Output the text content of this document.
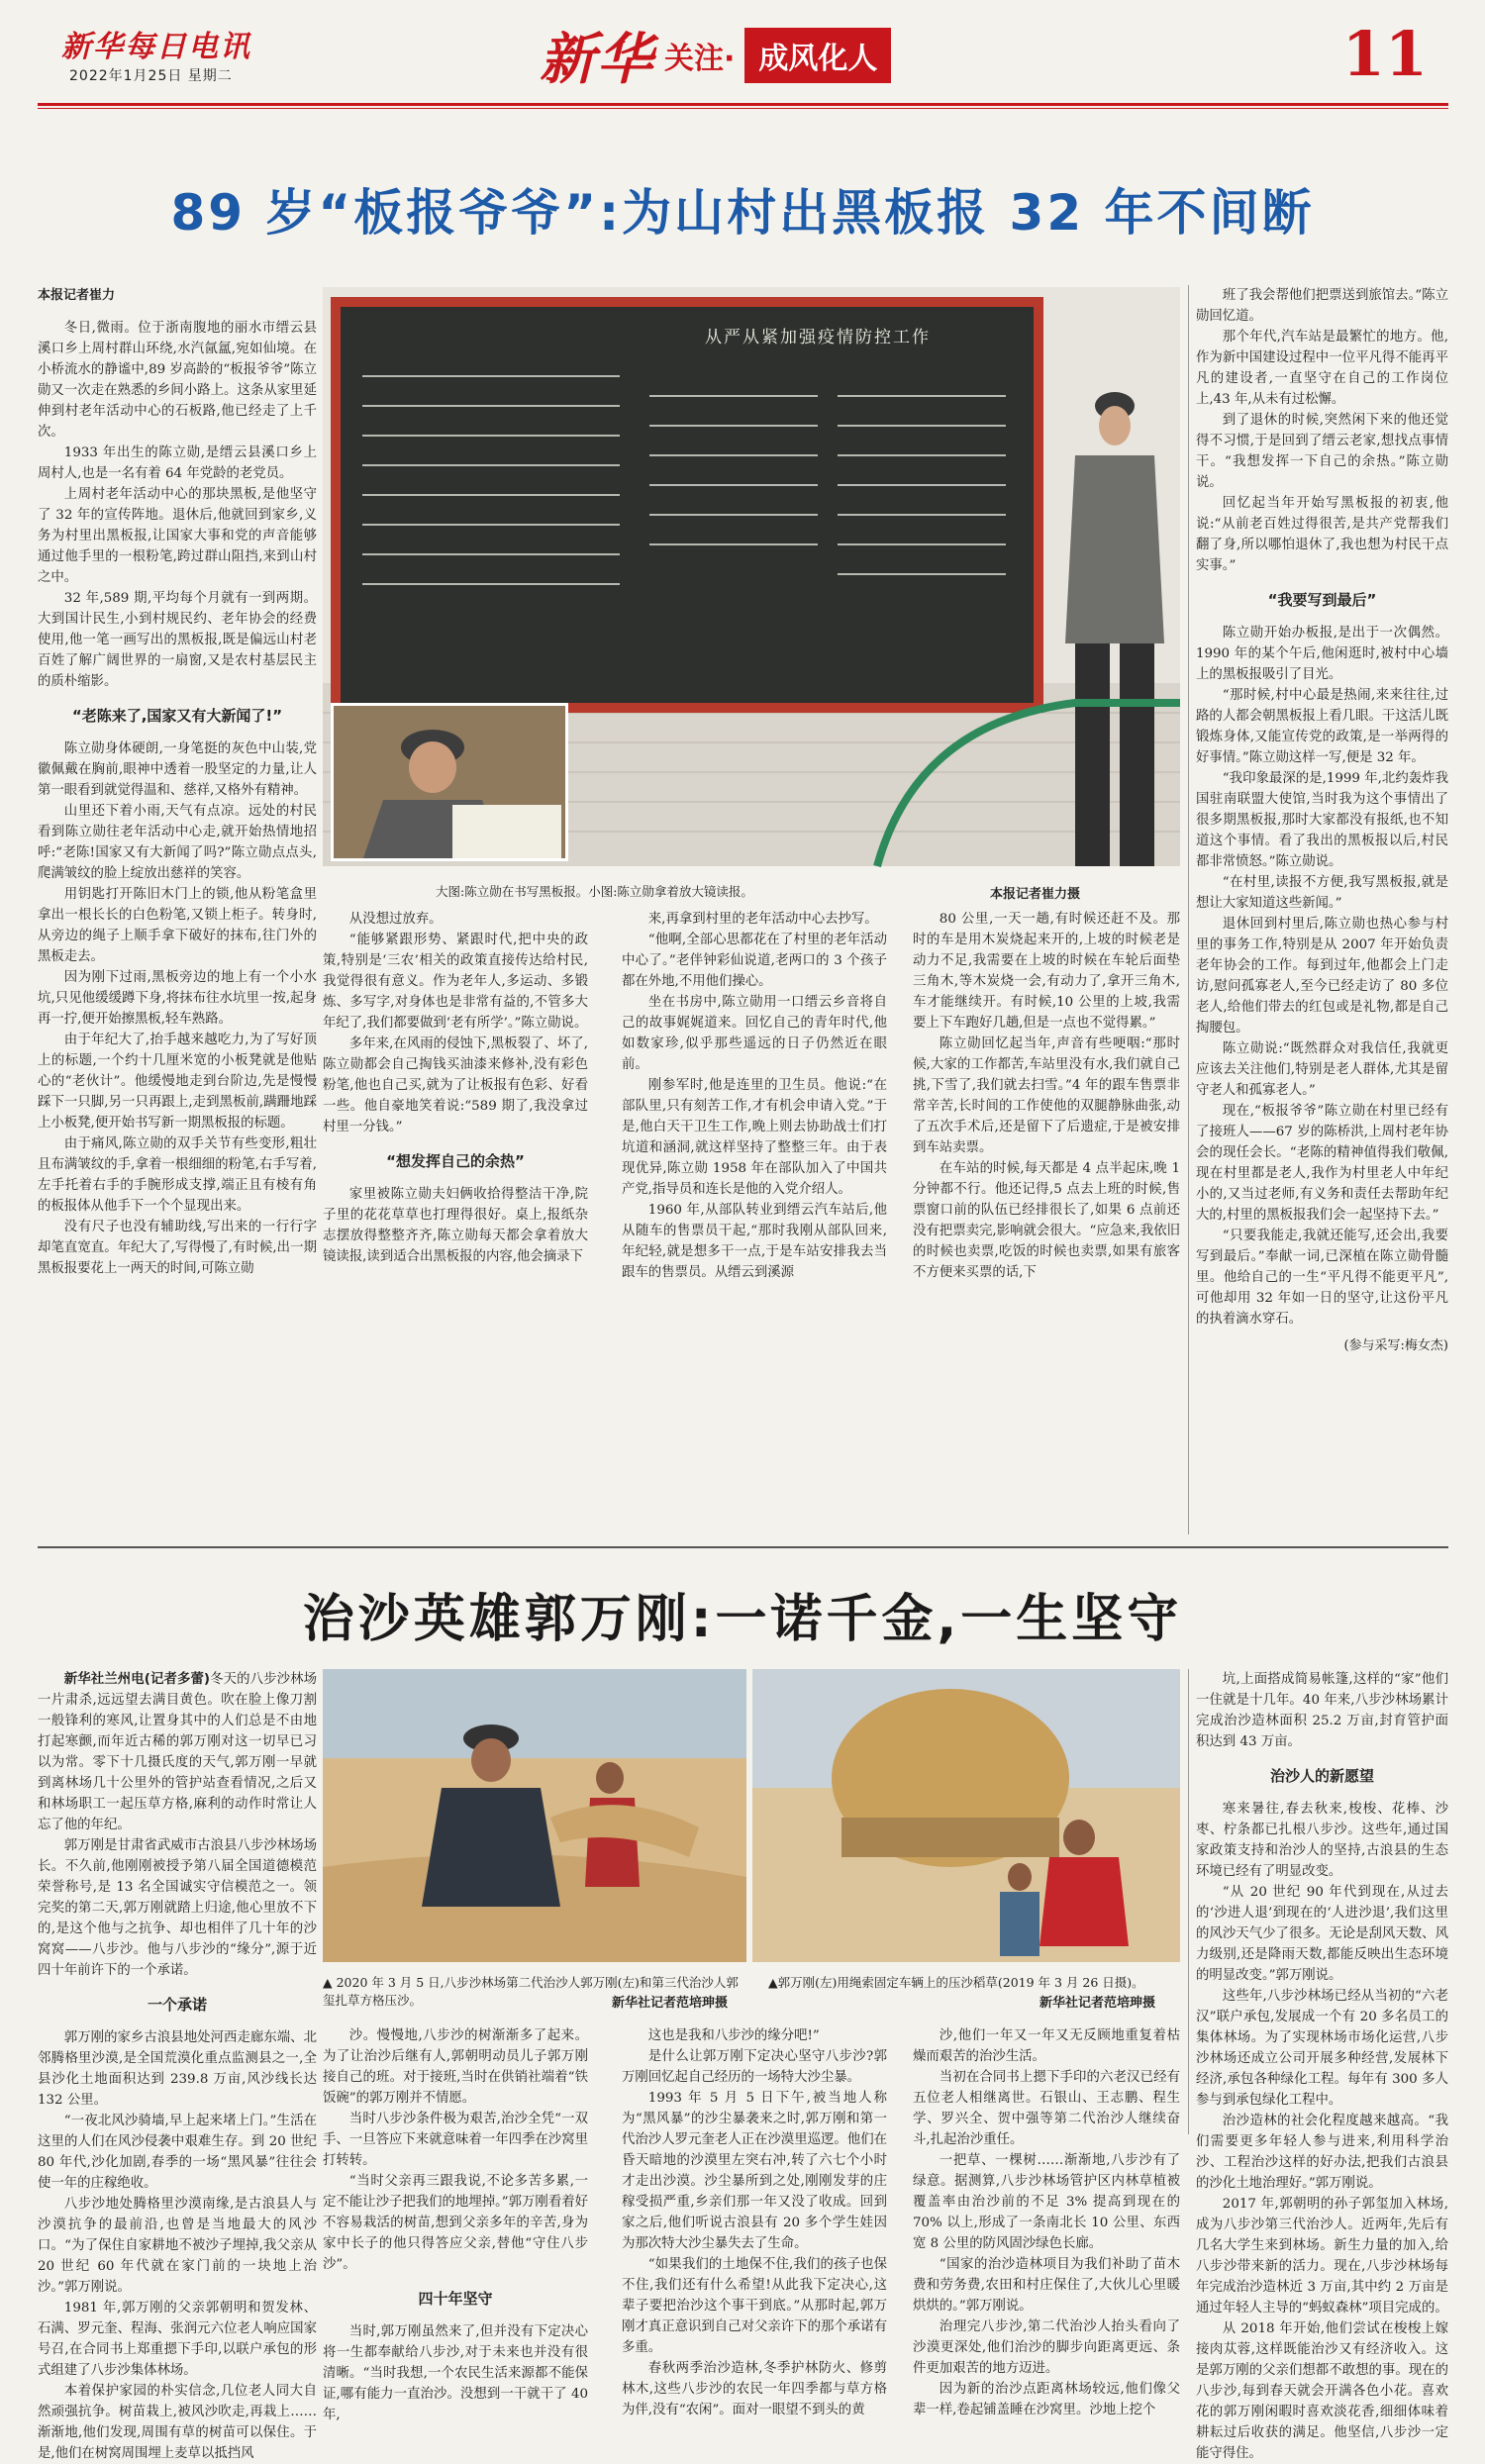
新华每日电讯
2022年1月25日 星期二	新华 关注· 成风化人	11
89 岁“板报爷爷”:为山村出黑板报 32 年不间断

本报记者崔力

冬日,微雨。位于浙南腹地的丽水市缙云县溪口乡上周村群山环绕,水汽氤氲,宛如仙境。在小桥流水的静谧中,89 岁高龄的“板报爷爷”陈立勋又一次走在熟悉的乡间小路上。这条从家里延伸到村老年活动中心的石板路,他已经走了上千次。

1933 年出生的陈立勋,是缙云县溪口乡上周村人,也是一名有着 64 年党龄的老党员。

上周村老年活动中心的那块黑板,是他坚守了 32 年的宣传阵地。退休后,他就回到家乡,义务为村里出黑板报,让国家大事和党的声音能够通过他手里的一根粉笔,跨过群山阻挡,来到山村之中。

32 年,589 期,平均每个月就有一到两期。大到国计民生,小到村规民约、老年协会的经费使用,他一笔一画写出的黑板报,既是偏远山村老百姓了解广阔世界的一扇窗,又是农村基层民主的质朴缩影。

“老陈来了,国家又有大新闻了!”

陈立勋身体硬朗,一身笔挺的灰色中山装,党徽佩戴在胸前,眼神中透着一股坚定的力量,让人第一眼看到就觉得温和、慈祥,又格外有精神。

山里还下着小雨,天气有点凉。远处的村民看到陈立勋往老年活动中心走,就开始热情地招呼:“老陈!国家又有大新闻了吗?”陈立勋点点头,爬满皱纹的脸上绽放出慈祥的笑容。

用钥匙打开陈旧木门上的锁,他从粉笔盒里拿出一根长长的白色粉笔,又锁上柜子。转身时,从旁边的绳子上顺手拿下破好的抹布,往门外的黑板走去。

因为刚下过雨,黑板旁边的地上有一个小水坑,只见他缓缓蹲下身,将抹布往水坑里一按,起身再一拧,便开始擦黑板,轻车熟路。

由于年纪大了,抬手越来越吃力,为了写好顶上的标题,一个约十几厘米宽的小板凳就是他贴心的“老伙计”。他缓慢地走到台阶边,先是慢慢踩下一只脚,另一只再跟上,走到黑板前,蹒跚地踩上小板凳,便开始书写新一期黑板报的标题。

由于痛风,陈立勋的双手关节有些变形,粗壮且布满皱纹的手,拿着一根细细的粉笔,右手写着,左手托着右手的手腕形成支撑,端正且有棱有角的板报体从他手下一个个显现出来。

没有尺子也没有辅助线,写出来的一行行字却笔直宽直。年纪大了,写得慢了,有时候,出一期黑板报要花上一两天的时间,可陈立勋

从严从紧加强疫情防控工作
大图:陈立勋在书写黑板报。小图:陈立勋拿着放大镜读报。	本报记者崔力摄

从没想过放弃。

“能够紧跟形势、紧跟时代,把中央的政策,特别是‘三农’相关的政策直接传达给村民,我觉得很有意义。作为老年人,多运动、多锻炼、多写字,对身体也是非常有益的,不管多大年纪了,我们都要做到‘老有所学’。”陈立勋说。

多年来,在风雨的侵蚀下,黑板裂了、坏了,陈立勋都会自己掏钱买油漆来修补,没有彩色粉笔,他也自己买,就为了让板报有色彩、好看一些。他自豪地笑着说:“589 期了,我没拿过村里一分钱。”

“想发挥自己的余热”

家里被陈立勋夫妇俩收拾得整洁干净,院子里的花花草草也打理得很好。桌上,报纸杂志摆放得整整齐齐,陈立勋每天都会拿着放大镜读报,读到适合出黑板报的内容,他会摘录下

来,再拿到村里的老年活动中心去抄写。

“他啊,全部心思都花在了村里的老年活动中心了。”老伴钟彩仙说道,老两口的 3 个孩子都在外地,不用他们操心。

坐在书房中,陈立勋用一口缙云乡音将自己的故事娓娓道来。回忆自己的青年时代,他如数家珍,似乎那些遥远的日子仍然近在眼前。

刚参军时,他是连里的卫生员。他说:“在部队里,只有刻苦工作,才有机会申请入党。”于是,他白天干卫生工作,晚上则去协助战士们打坑道和涵洞,就这样坚持了整整三年。由于表现优异,陈立勋 1958 年在部队加入了中国共产党,指导员和连长是他的入党介绍人。

1960 年,从部队转业到缙云汽车站后,他从随车的售票员干起,“那时我刚从部队回来,年纪轻,就是想多干一点,于是车站安排我去当跟车的售票员。从缙云到溪源

80 公里,一天一趟,有时候还赶不及。那时的车是用木炭烧起来开的,上坡的时候老是动力不足,我需要在上坡的时候在车轮后面垫三角木,等木炭烧一会,有动力了,拿开三角木,车才能继续开。有时候,10 公里的上坡,我需要上下车跑好几趟,但是一点也不觉得累。”

陈立勋回忆起当年,声音有些哽咽:“那时候,大家的工作都苦,车站里没有水,我们就自己挑,下雪了,我们就去扫雪。”4 年的跟车售票非常辛苦,长时间的工作使他的双腿静脉曲张,动了五次手术后,还是留下了后遗症,于是被安排到车站卖票。

在车站的时候,每天都是 4 点半起床,晚 1 分钟都不行。他还记得,5 点去上班的时候,售票窗口前的队伍已经排很长了,如果 6 点前还没有把票卖完,影响就会很大。“应急来,我依旧的时候也卖票,吃饭的时候也卖票,如果有旅客不方便来买票的话,下

班了我会帮他们把票送到旅馆去。”陈立勋回忆道。

那个年代,汽车站是最繁忙的地方。他,作为新中国建设过程中一位平凡得不能再平凡的建设者,一直坚守在自己的工作岗位上,43 年,从未有过松懈。

到了退休的时候,突然闲下来的他还觉得不习惯,于是回到了缙云老家,想找点事情干。“我想发挥一下自己的余热。”陈立勋说。

回忆起当年开始写黑板报的初衷,他说:“从前老百姓过得很苦,是共产党帮我们翻了身,所以哪怕退休了,我也想为村民干点实事。”

“我要写到最后”

陈立勋开始办板报,是出于一次偶然。1990 年的某个午后,他闲逛时,被村中心墙上的黑板报吸引了目光。

“那时候,村中心最是热闹,来来往往,过路的人都会朝黑板报上看几眼。干这活儿既锻炼身体,又能宣传党的政策,是一举两得的好事情。”陈立勋这样一写,便是 32 年。

“我印象最深的是,1999 年,北约轰炸我国驻南联盟大使馆,当时我为这个事情出了很多期黑板报,那时大家都没有报纸,也不知道这个事情。看了我出的黑板报以后,村民都非常愤怒。”陈立勋说。

“在村里,读报不方便,我写黑板报,就是想让大家知道这些新闻。”

退休回到村里后,陈立勋也热心参与村里的事务工作,特别是从 2007 年开始负责老年协会的工作。每到过年,他都会上门走访,慰问孤寡老人,至今已经走访了 80 多位老人,给他们带去的红包或是礼物,都是自己掏腰包。

陈立勋说:“既然群众对我信任,我就更应该去关注他们,特别是老人群体,尤其是留守老人和孤寡老人。”

现在,“板报爷爷”陈立勋在村里已经有了接班人——67 岁的陈桥洪,上周村老年协会的现任会长。“老陈的精神值得我们敬佩,现在村里都是老人,我作为村里老人中年纪小的,又当过老师,有义务和责任去帮助年纪大的,村里的黑板报我们会一起坚持下去。”

“只要我能走,我就还能写,还会出,我要写到最后。”奉献一词,已深植在陈立勋骨髓里。他给自己的一生“平凡得不能更平凡”,可他却用 32 年如一日的坚守,让这份平凡的执着滴水穿石。

(参与采写:梅女杰)

治沙英雄郭万刚:一诺千金,一生坚守

新华社兰州电(记者多蕾)冬天的八步沙林场一片肃杀,远远望去满目黄色。吹在脸上像刀割一般锋利的寒风,让置身其中的人们总是不由地打起寒颤,而年近古稀的郭万刚对这一切早已习以为常。零下十几摄氏度的天气,郭万刚一早就到离林场几十公里外的管护站查看情况,之后又和林场职工一起压草方格,麻利的动作时常让人忘了他的年纪。

郭万刚是甘肃省武威市古浪县八步沙林场场长。不久前,他刚刚被授予第八届全国道德模范荣誉称号,是 13 名全国诚实守信模范之一。领完奖的第二天,郭万刚就踏上归途,他心里放不下的,是这个他与之抗争、却也相伴了几十年的沙窝窝——八步沙。他与八步沙的“缘分”,源于近四十年前许下的一个承诺。

一个承诺

郭万刚的家乡古浪县地处河西走廊东端、北邻腾格里沙漠,是全国荒漠化重点监测县之一,全县沙化土地面积达到 239.8 万亩,风沙线长达 132 公里。

“一夜北风沙骑墙,早上起来堵上门。”生活在这里的人们在风沙侵袭中艰难生存。到 20 世纪 80 年代,沙化加剧,春季的一场“黑风暴”往往会使一年的庄稼绝收。

八步沙地处腾格里沙漠南缘,是古浪县人与沙漠抗争的最前沿,也曾是当地最大的风沙口。“为了保住自家耕地不被沙子埋掉,我父亲从 20 世纪 60 年代就在家门前的一块地上治沙。”郭万刚说。

1981 年,郭万刚的父亲郭朝明和贺发林、石满、罗元奎、程海、张润元六位老人响应国家号召,在合同书上郑重摁下手印,以联户承包的形式组建了八步沙集体林场。

本着保护家园的朴实信念,几位老人同大自然顽强抗争。树苗栽上,被风沙吹走,再栽上……渐渐地,他们发现,周围有草的树苗可以保住。于是,他们在树窝周围埋上麦草以抵挡风

▲ 2020 年 3 月 5 日,八步沙林场第二代治沙人郭万刚(左)和第三代治沙人郭玺扎草方格压沙。	新华社记者范培珅摄
▲郭万刚(左)用绳索固定车辆上的压沙稻草(2019 年 3 月 26 日摄)。
新华社记者范培珅摄

沙。慢慢地,八步沙的树渐渐多了起来。为了让治沙后继有人,郭朝明动员儿子郭万刚接自己的班。对于接班,当时在供销社端着“铁饭碗”的郭万刚并不情愿。

当时八步沙条件极为艰苦,治沙全凭“一双手、一旦答应下来就意味着一年四季在沙窝里打转转。

“当时父亲再三跟我说,不论多苦多累,一定不能让沙子把我们的地埋掉。”郭万刚看着好不容易栽活的树苗,想到父亲多年的辛苦,身为家中长子的他只得答应父亲,替他“守住八步沙”。

四十年坚守

当时,郭万刚虽然来了,但并没有下定决心将一生都奉献给八步沙,对于未来也并没有很清晰。“当时我想,一个农民生活来源都不能保证,哪有能力一直治沙。没想到一干就干了 40 年,

这也是我和八步沙的缘分吧!”

是什么让郭万刚下定决心坚守八步沙?郭万刚回忆起自己经历的一场特大沙尘暴。

1993 年 5 月 5 日下午,被当地人称为“黑风暴”的沙尘暴袭来之时,郭万刚和第一代治沙人罗元奎老人正在沙漠里巡逻。他们在昏天暗地的沙漠里左突右冲,转了六七个小时才走出沙漠。沙尘暴所到之处,刚刚发芽的庄稼受损严重,乡亲们那一年又没了收成。回到家之后,他们听说古浪县有 20 多个学生娃因为那次特大沙尘暴失去了生命。

“如果我们的土地保不住,我们的孩子也保不住,我们还有什么希望!从此我下定决心,这辈子要把治沙这个事干到底。”从那时起,郭万刚才真正意识到自己对父亲许下的那个承诺有多重。

春秋两季治沙造林,冬季护林防火、修剪林木,这些八步沙的农民一年四季都与草方格为伴,没有“农闲”。面对一眼望不到头的黄

沙,他们一年又一年又无反顾地重复着枯燥而艰苦的治沙生活。

当初在合同书上摁下手印的六老汉已经有五位老人相继离世。石银山、王志鹏、程生学、罗兴全、贺中强等第二代治沙人继续奋斗,扎起治沙重任。

一把草、一棵树……渐渐地,八步沙有了绿意。据测算,八步沙林场管护区内林草植被覆盖率由治沙前的不足 3% 提高到现在的 70% 以上,形成了一条南北长 10 公里、东西宽 8 公里的防风固沙绿色长廊。

“国家的治沙造林项目为我们补助了苗木费和劳务费,农田和村庄保住了,大伙儿心里暖烘烘的。”郭万刚说。

治理完八步沙,第二代治沙人抬头看向了沙漠更深处,他们治沙的脚步向距离更远、条件更加艰苦的地方迈进。

因为新的治沙点距离林场较远,他们像父辈一样,卷起铺盖睡在沙窝里。沙地上挖个

坑,上面搭成简易帐篷,这样的“家”他们一住就是十几年。40 年来,八步沙林场累计完成治沙造林面积 25.2 万亩,封育管护面积达到 43 万亩。

治沙人的新愿望

寒来暑往,春去秋来,梭梭、花棒、沙枣、柠条都已扎根八步沙。这些年,通过国家政策支持和治沙人的坚持,古浪县的生态环境已经有了明显改变。

“从 20 世纪 90 年代到现在,从过去的‘沙进人退’到现在的‘人进沙退’,我们这里的风沙天气少了很多。无论是刮风天数、风力级别,还是降雨天数,都能反映出生态环境的明显改变。”郭万刚说。

这些年,八步沙林场已经从当初的“六老汉”联户承包,发展成一个有 20 多名员工的集体林场。为了实现林场市场化运营,八步沙林场还成立公司开展多种经营,发展林下经济,承包各种绿化工程。每年有 300 多人参与到承包绿化工程中。

治沙造林的社会化程度越来越高。“我们需要更多年轻人参与进来,利用科学治沙、工程治沙这样的好办法,把我们古浪县的沙化土地治理好。”郭万刚说。

2017 年,郭朝明的孙子郭玺加入林场,成为八步沙第三代治沙人。近两年,先后有几名大学生来到林场。新生力量的加入,给八步沙带来新的活力。现在,八步沙林场每年完成治沙造林近 3 万亩,其中约 2 万亩是通过年轻人主导的“蚂蚁森林”项目完成的。

从 2018 年开始,他们尝试在梭梭上嫁接肉苁蓉,这样既能治沙又有经济收入。这是郭万刚的父亲们想都不敢想的事。现在的八步沙,每到春天就会开满各色小花。喜欢花的郭万刚闲暇时喜欢淡花香,细细体味着耕耘过后收获的满足。他坚信,八步沙一定能守得住。
